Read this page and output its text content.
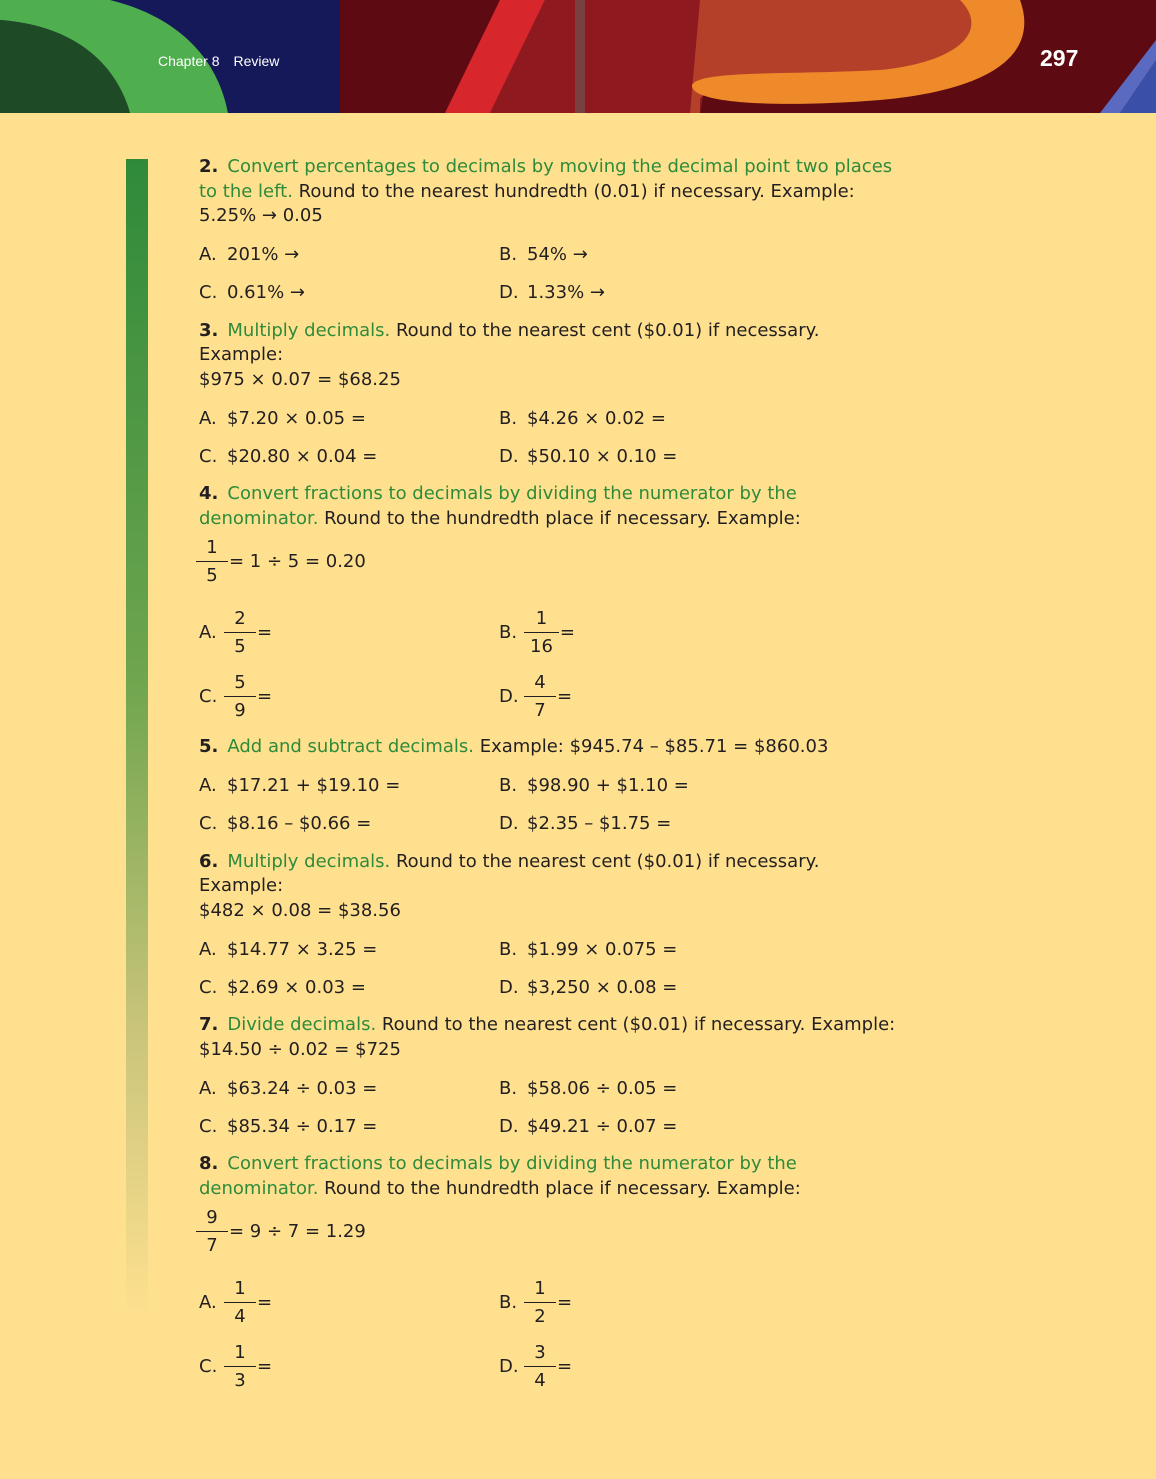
Chapter 8 Review	297
2. Convert percentages to decimals by moving the decimal point two places to the left. Round to the nearest hundredth (0.01) if necessary. Example:
5.25% → 0.05
A. 201% →	B. 54% →
C. 0.61% →	D. 1.33% →
3. Multiply decimals. Round to the nearest cent ($0.01) if necessary. Example:
$975 × 0.07 = $68.25
A. $7.20 × 0.05 =	B. $4.26 × 0.02 =
C. $20.80 × 0.04 =	D. $50.10 × 0.10 =
4. Convert fractions to decimals by dividing the numerator by the denominator. Round to the hundredth place if necessary. Example:
$\frac{1}{5} = 1 \div 5 = 0.20$
A. $\frac{2}{5}$ =	B. $\frac{1}{16}$ =
C. $\frac{5}{9}$ =	D. $\frac{4}{7}$ =
5. Add and subtract decimals. Example: $945.74 – $85.71 = $860.03
A. $17.21 + $19.10 =	B. $98.90 + $1.10 =
C. $8.16 – $0.66 =	D. $2.35 – $1.75 =
6. Multiply decimals. Round to the nearest cent ($0.01) if necessary. Example:
$482 × 0.08 = $38.56
A. $14.77 × 3.25 =	B. $1.99 × 0.075 =
C. $2.69 × 0.03 =	D. $3,250 × 0.08 =
7. Divide decimals. Round to the nearest cent ($0.01) if necessary. Example:
$14.50 ÷ 0.02 = $725
A. $63.24 ÷ 0.03 =	B. $58.06 ÷ 0.05 =
C. $85.34 ÷ 0.17 =	D. $49.21 ÷ 0.07 =
8. Convert fractions to decimals by dividing the numerator by the denominator. Round to the hundredth place if necessary. Example:
$\frac{9}{7} = 9 \div 7 = 1.29$
A. $\frac{1}{4}$ =	B. $\frac{1}{2}$ =
C. $\frac{1}{3}$ =	D. $\frac{3}{4}$ =
